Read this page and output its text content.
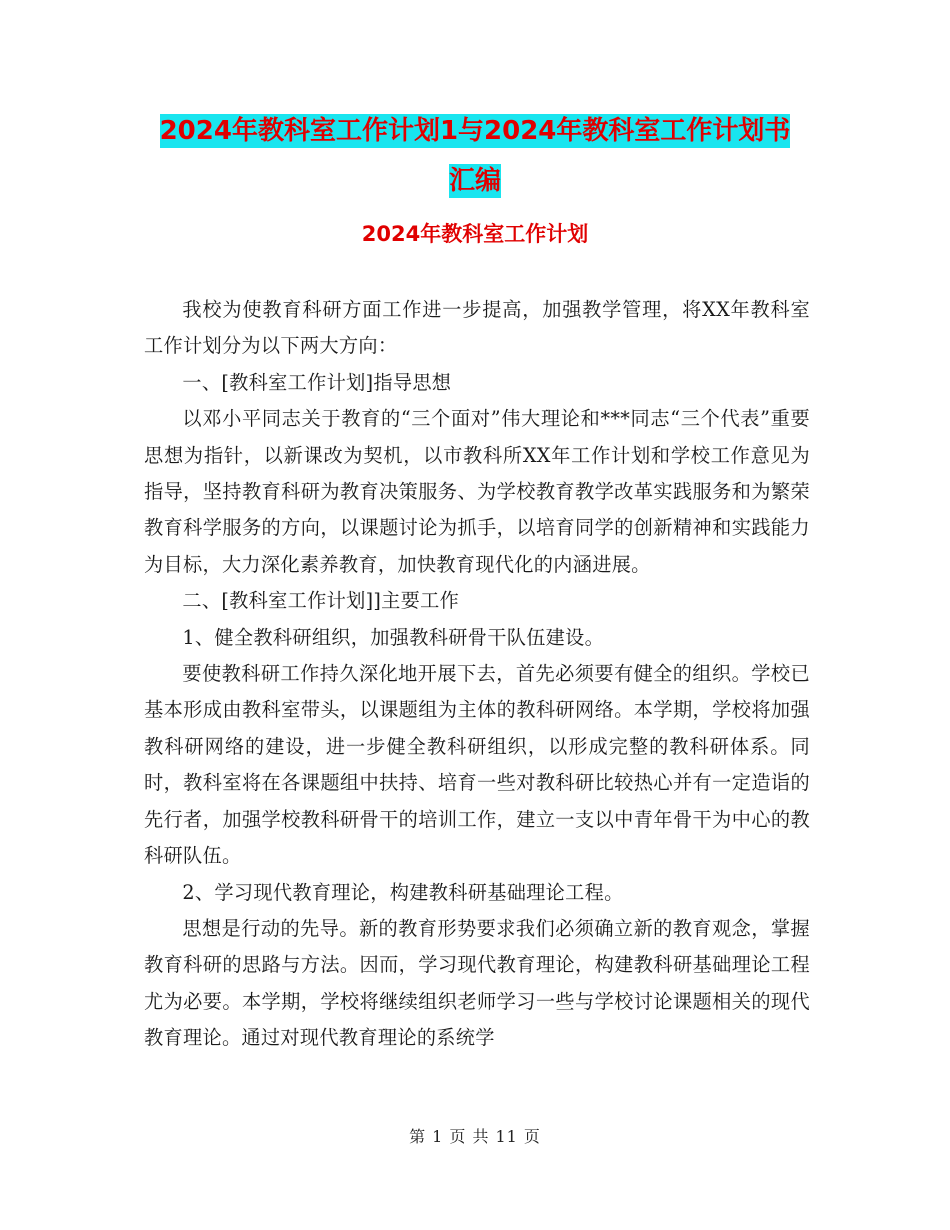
2024年教科室工作计划1与2024年教科室工作计划书
汇编
2024年教科室工作计划

我校为使教育科研方面工作进一步提高，加强教学管理，将XX年教科室工作计划分为以下两大方向：

一、[教科室工作计划]指导思想

以邓小平同志关于教育的“三个面对”伟大理论和***同志“三个代表”重要思想为指针，以新课改为契机，以市教科所XX年工作计划和学校工作意见为指导，坚持教育科研为教育决策服务、为学校教育教学改革实践服务和为繁荣教育科学服务的方向，以课题讨论为抓手，以培育同学的创新精神和实践能力为目标，大力深化素养教育，加快教育现代化的内涵进展。

二、[教科室工作计划]]主要工作

1、健全教科研组织，加强教科研骨干队伍建设。

要使教科研工作持久深化地开展下去，首先必须要有健全的组织。学校已基本形成由教科室带头，以课题组为主体的教科研网络。本学期，学校将加强教科研网络的建设，进一步健全教科研组织，以形成完整的教科研体系。同时，教科室将在各课题组中扶持、培育一些对教科研比较热心并有一定造诣的先行者，加强学校教科研骨干的培训工作，建立一支以中青年骨干为中心的教科研队伍。

2、学习现代教育理论，构建教科研基础理论工程。

思想是行动的先导。新的教育形势要求我们必须确立新的教育观念，掌握教育科研的思路与方法。因而，学习现代教育理论，构建教科研基础理论工程尤为必要。本学期，学校将继续组织老师学习一些与学校讨论课题相关的现代教育理论。通过对现代教育理论的系统学

第 1 页 共 11 页
